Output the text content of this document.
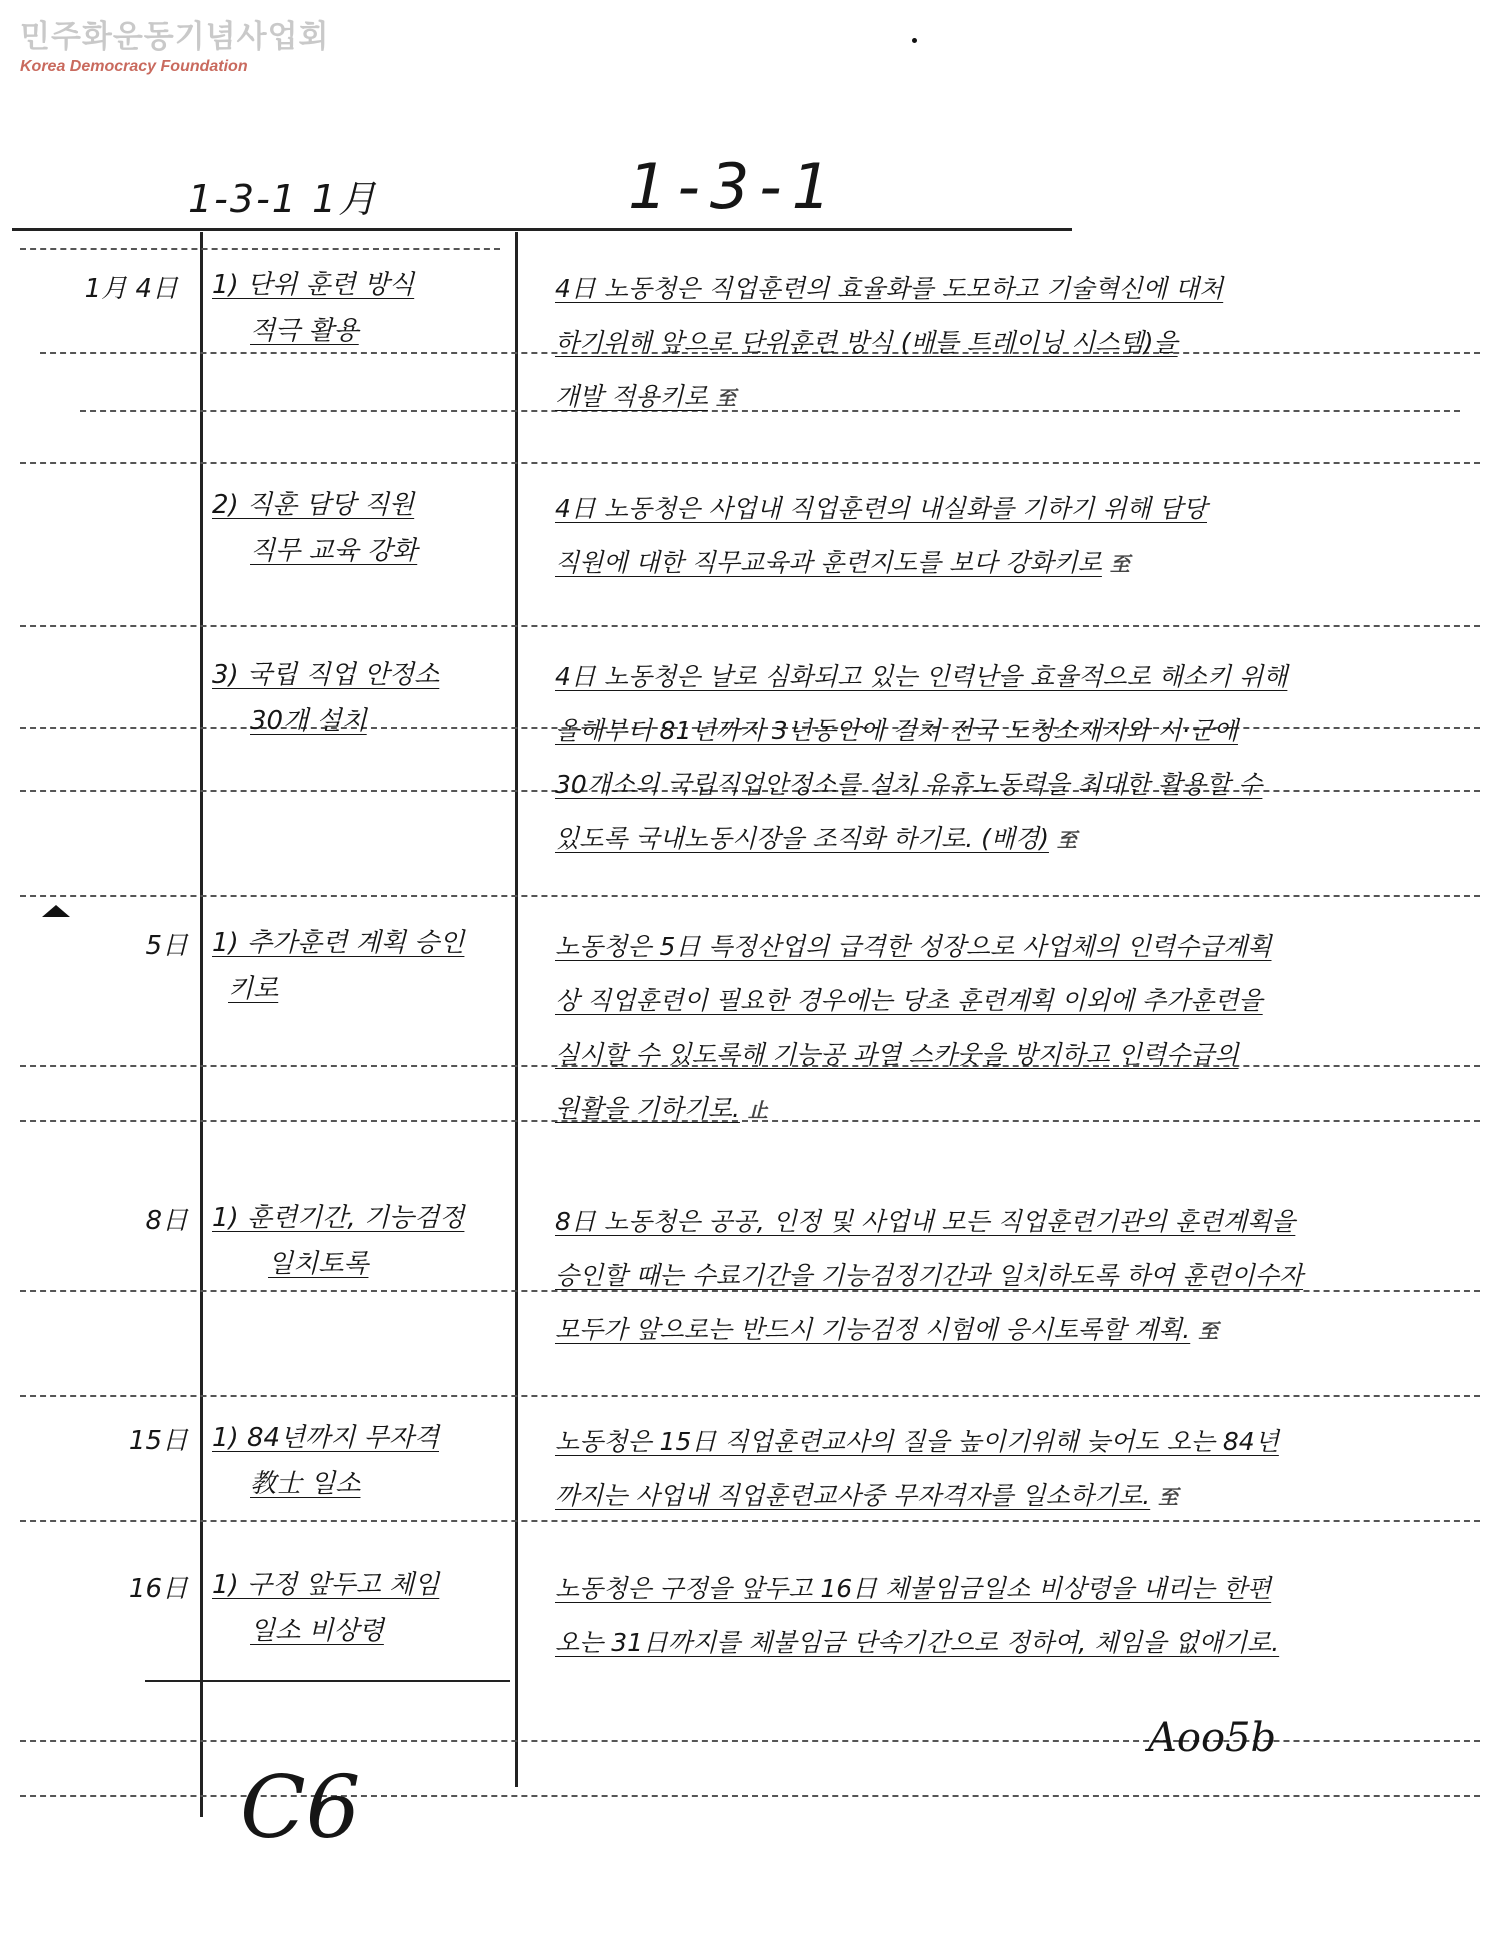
민주화운동기념사업회
Korea Democracy Foundation
1-3-1 1月	1-3-1
1月 4日 1) 단위 훈련 방식
적극 활용
4日 노동청은 직업훈련의 효율화를 도모하고 기술혁신에 대처
하기위해 앞으로 단위훈련 방식 (배틀 트레이닝 시스템)을
개발 적용키로 至
2) 직훈 담당 직원
직무 교육 강화
4日 노동청은 사업내 직업훈련의 내실화를 기하기 위해 담당
직원에 대한 직무교육과 훈련지도를 보다 강화키로 至
3) 국립 직업 안정소
30개 설치
4日 노동청은 날로 심화되고 있는 인력난을 효율적으로 해소키 위해
올해부터 81년까지 3년동안에 걸쳐 전국 도청소재지와 시·군에
30개소의 국립직업안정소를 설치 유휴노동력을 최대한 활용할 수
있도록 국내노동시장을 조직화 하기로. (배경) 至
5日 1) 추가훈련 계획 승인
키로
노동청은 5日 특정산업의 급격한 성장으로 사업체의 인력수급계획
상 직업훈련이 필요한 경우에는 당초 훈련계획 이외에 추가훈련을
실시할 수 있도록해 기능공 과열 스카웃을 방지하고 인력수급의
원활을 기하기로. 止
8日 1) 훈련기간, 기능검정
일치토록
8日 노동청은 공공, 인정 및 사업내 모든 직업훈련기관의 훈련계획을
승인할 때는 수료기간을 기능검정기간과 일치하도록 하여 훈련이수자
모두가 앞으로는 반드시 기능검정 시험에 응시토록할 계획. 至
15日 1) 84년까지 무자격
教士 일소
노동청은 15日 직업훈련교사의 질을 높이기위해 늦어도 오는 84년
까지는 사업내 직업훈련교사중 무자격자를 일소하기로. 至
16日 1) 구정 앞두고 체임
일소 비상령
노동청은 구정을 앞두고 16日 체불임금일소 비상령을 내리는 한편
오는 31日까지를 체불임금 단속기간으로 정하여, 체임을 없애기로.
Aoo5b
C6
